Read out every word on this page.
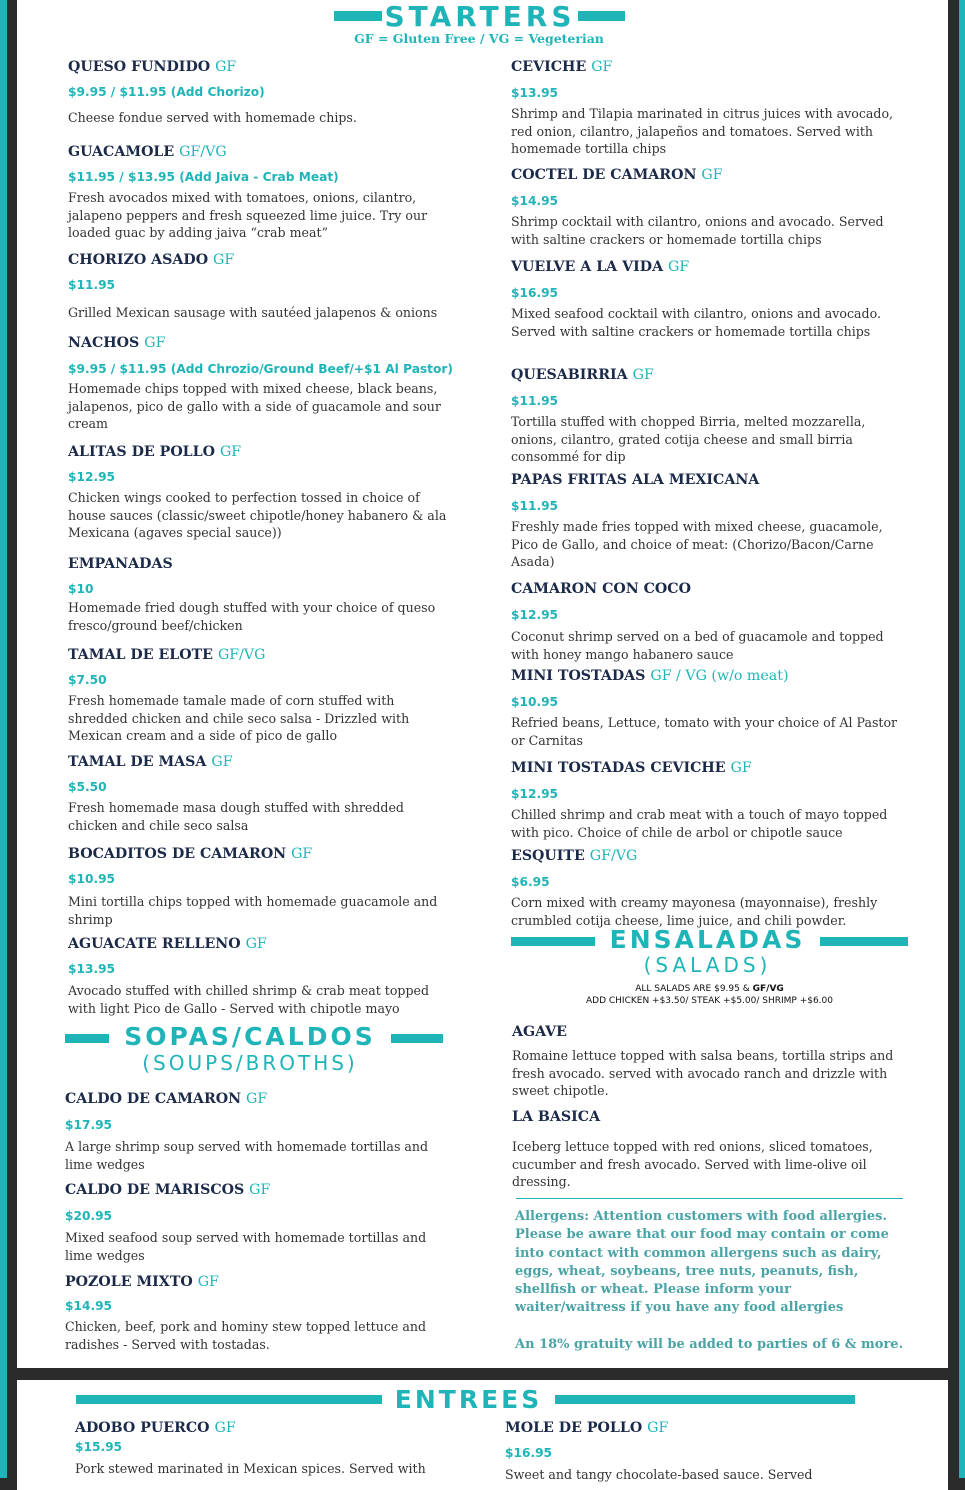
STARTERS
GF = Gluten Free / VG = Vegeterian
QUESO FUNDIDO GF
$9.95 / $11.95 (Add Chorizo)
Cheese fondue served with homemade chips.
GUACAMOLE GF/VG
$11.95 / $13.95 (Add Jaiva - Crab Meat)
Fresh avocados mixed with tomatoes, onions, cilantro, jalapeno peppers and fresh squeezed lime juice. Try our loaded guac by adding jaiva “crab meat”
CHORIZO ASADO GF
$11.95
Grilled Mexican sausage with sautéed jalapenos & onions
NACHOS GF
$9.95 / $11.95 (Add Chrozio/Ground Beef/+$1 Al Pastor)
Homemade chips topped with mixed cheese, black beans, jalapenos, pico de gallo with a side of guacamole and sour cream
ALITAS DE POLLO GF
$12.95
Chicken wings cooked to perfection tossed in choice of house sauces (classic/sweet chipotle/honey habanero & ala Mexicana (agaves special sauce))
EMPANADAS
$10
Homemade fried dough stuffed with your choice of queso fresco/ground beef/chicken
TAMAL DE ELOTE GF/VG
$7.50
Fresh homemade tamale made of corn stuffed with shredded chicken and chile seco salsa - Drizzled with Mexican cream and a side of pico de gallo
TAMAL DE MASA GF
$5.50
Fresh homemade masa dough stuffed with shredded chicken and chile seco salsa
BOCADITOS DE CAMARON GF
$10.95
Mini tortilla chips topped with homemade guacamole and shrimp
AGUACATE RELLENO GF
$13.95
Avocado stuffed with chilled shrimp & crab meat topped with light Pico de Gallo - Served with chipotle mayo
CEVICHE GF
$13.95
Shrimp and Tilapia marinated in citrus juices with avocado, red onion, cilantro, jalapeños and tomatoes. Served with homemade tortilla chips
COCTEL DE CAMARON GF
$14.95
Shrimp cocktail with cilantro, onions and avocado. Served with saltine crackers or homemade tortilla chips
VUELVE A LA VIDA GF
$16.95
Mixed seafood cocktail with cilantro, onions and avocado. Served with saltine crackers or homemade tortilla chips
QUESABIRRIA GF
$11.95
Tortilla stuffed with chopped Birria, melted mozzarella, onions, cilantro, grated cotija cheese and small birria consommé for dip
PAPAS FRITAS ALA MEXICANA
$11.95
Freshly made fries topped with mixed cheese, guacamole, Pico de Gallo, and choice of meat: (Chorizo/Bacon/Carne Asada)
CAMARON CON COCO
$12.95
Coconut shrimp served on a bed of guacamole and topped with honey mango habanero sauce
MINI TOSTADAS GF / VG (w/o meat)
$10.95
Refried beans, Lettuce, tomato with your choice of Al Pastor or Carnitas
MINI TOSTADAS CEVICHE GF
$12.95
Chilled shrimp and crab meat with a touch of mayo topped with pico. Choice of chile de arbol or chipotle sauce
ESQUITE GF/VG
$6.95
Corn mixed with creamy mayonesa (mayonnaise), freshly crumbled cotija cheese, lime juice, and chili powder.
SOPAS/CALDOS
(SOUPS/BROTHS)
CALDO DE CAMARON GF
$17.95
A large shrimp soup served with homemade tortillas and lime wedges
CALDO DE MARISCOS GF
$20.95
Mixed seafood soup served with homemade tortillas and lime wedges
POZOLE MIXTO GF
$14.95
Chicken, beef, pork and hominy stew topped lettuce and radishes - Served with tostadas.
ENSALADAS
(SALADS)
ALL SALADS ARE $9.95 & GF/VG
ADD CHICKEN +$3.50/ STEAK +$5.00/ SHRIMP +$6.00
AGAVE
Romaine lettuce topped with salsa beans, tortilla strips and fresh avocado. served with avocado ranch and drizzle with sweet chipotle.
LA BASICA
Iceberg lettuce topped with red onions, sliced tomatoes, cucumber and fresh avocado. Served with lime-olive oil dressing.
Allergens: Attention customers with food allergies. Please be aware that our food may contain or come into contact with common allergens such as dairy, eggs, wheat, soybeans, tree nuts, peanuts, fish, shellfish or wheat. Please inform your waiter/waitress if you have any food allergies
An 18% gratuity will be added to parties of 6 & more.
ENTREES
ADOBO PUERCO GF
$15.95
Pork stewed marinated in Mexican spices. Served with
MOLE DE POLLO GF
$16.95
Sweet and tangy chocolate-based sauce. Served
